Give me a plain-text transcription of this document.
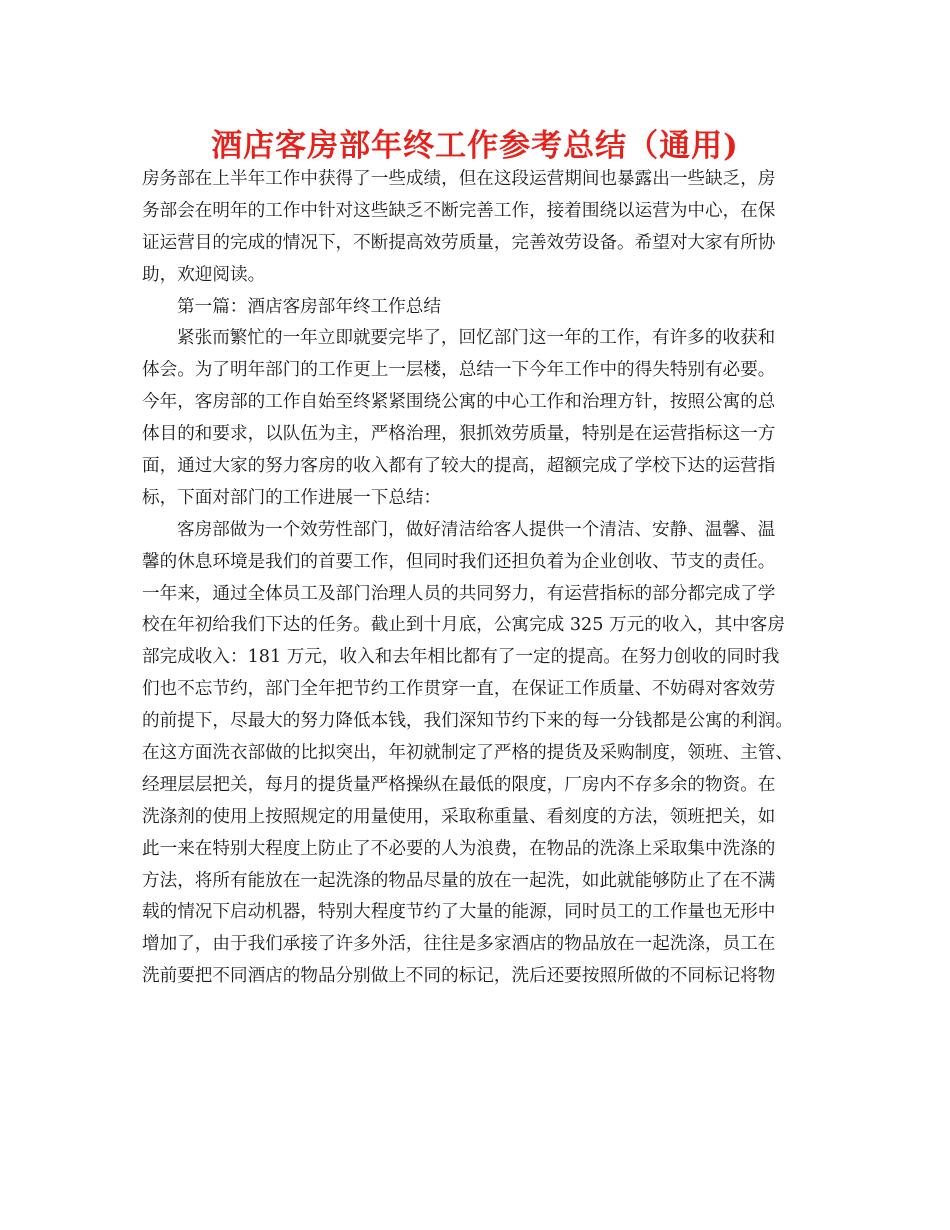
酒店客房部年终工作参考总结（通用)
房务部在上半年工作中获得了一些成绩，但在这段运营期间也暴露出一些缺乏，房
务部会在明年的工作中针对这些缺乏不断完善工作，接着围绕以运营为中心，在保
证运营目的完成的情况下，不断提高效劳质量，完善效劳设备。希望对大家有所协
助，欢迎阅读。
第一篇：酒店客房部年终工作总结
紧张而繁忙的一年立即就要完毕了，回忆部门这一年的工作，有许多的收获和
体会。为了明年部门的工作更上一层楼，总结一下今年工作中的得失特别有必要。
今年，客房部的工作自始至终紧紧围绕公寓的中心工作和治理方针，按照公寓的总
体目的和要求，以队伍为主，严格治理，狠抓效劳质量，特别是在运营指标这一方
面，通过大家的努力客房的收入都有了较大的提高，超额完成了学校下达的运营指
标，下面对部门的工作进展一下总结：
客房部做为一个效劳性部门，做好清洁给客人提供一个清洁、安静、温馨、温
馨的休息环境是我们的首要工作，但同时我们还担负着为企业创收、节支的责任。
一年来，通过全体员工及部门治理人员的共同努力，有运营指标的部分都完成了学
校在年初给我们下达的任务。截止到十月底，公寓完成 325 万元的收入，其中客房
部完成收入：181 万元，收入和去年相比都有了一定的提高。在努力创收的同时我
们也不忘节约，部门全年把节约工作贯穿一直，在保证工作质量、不妨碍对客效劳
的前提下，尽最大的努力降低本钱，我们深知节约下来的每一分钱都是公寓的利润。
在这方面洗衣部做的比拟突出，年初就制定了严格的提货及采购制度，领班、主管、
经理层层把关，每月的提货量严格操纵在最低的限度，厂房内不存多余的物资。在
洗涤剂的使用上按照规定的用量使用，采取称重量、看刻度的方法，领班把关，如
此一来在特别大程度上防止了不必要的人为浪费，在物品的洗涤上采取集中洗涤的
方法，将所有能放在一起洗涤的物品尽量的放在一起洗，如此就能够防止了在不满
载的情况下启动机器，特别大程度节约了大量的能源，同时员工的工作量也无形中
增加了，由于我们承接了许多外活，往往是多家酒店的物品放在一起洗涤，员工在
洗前要把不同酒店的物品分别做上不同的标记，洗后还要按照所做的不同标记将物
